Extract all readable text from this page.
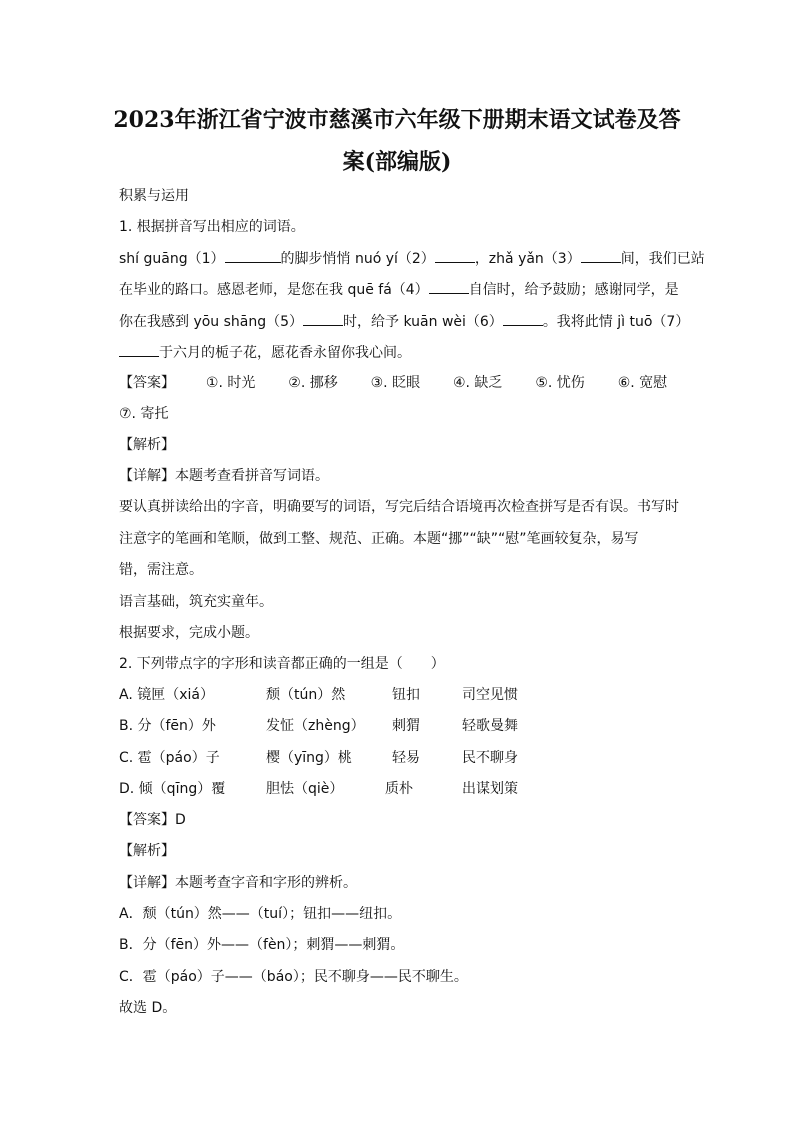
2023年浙江省宁波市慈溪市六年级下册期末语文试卷及答
案(部编版)
积累与运用
1. 根据拼音写出相应的词语。
shí guāng（1）	的脚步悄悄 nuó yí（2）	，zhǎ yǎn（3）	间，我们已站
在毕业的路口。感恩老师，是您在我 quē fá（4）	自信时，给予鼓励；感谢同学，是
你在我感到 yōu shāng（5）	时，给予 kuān wèi（6）	。我将此情 jì tuō（7）
于六月的栀子花，愿花香永留你我心间。
【答案】 ①. 时光 ②. 挪移 ③. 眨眼 ④. 缺乏 ⑤. 忧伤 ⑥. 宽慰
⑦. 寄托
【解析】
【详解】本题考查看拼音写词语。
要认真拼读给出的字音，明确要写的词语，写完后结合语境再次检查拼写是否有误。书写时
注意字的笔画和笔顺，做到工整、规范、正确。本题“挪”“缺”“慰”笔画较复杂，易写
错，需注意。
语言基础，筑充实童年。
根据要求，完成小题。
2. 下列带点字的字形和读音都正确的一组是（　　）
A. 镜匣（xiá）	颓（tún）然	钮扣	司空见惯
B. 分（fēn）外	发怔（zhèng） 刺猬	轻歌曼舞
C. 雹（páo）子	樱（yīng）桃	轻易	民不聊身
D. 倾（qīng）覆	胆怯（qiè）	质朴	出谋划策
【答案】D
【解析】
【详解】本题考查字音和字形的辨析。
A．颓（tún）然——（tuí）；钮扣——纽扣。
B．分（fēn）外——（fèn）；刺猬——刺猬。
C．雹（páo）子——（báo）；民不聊身——民不聊生。
故选 D。
